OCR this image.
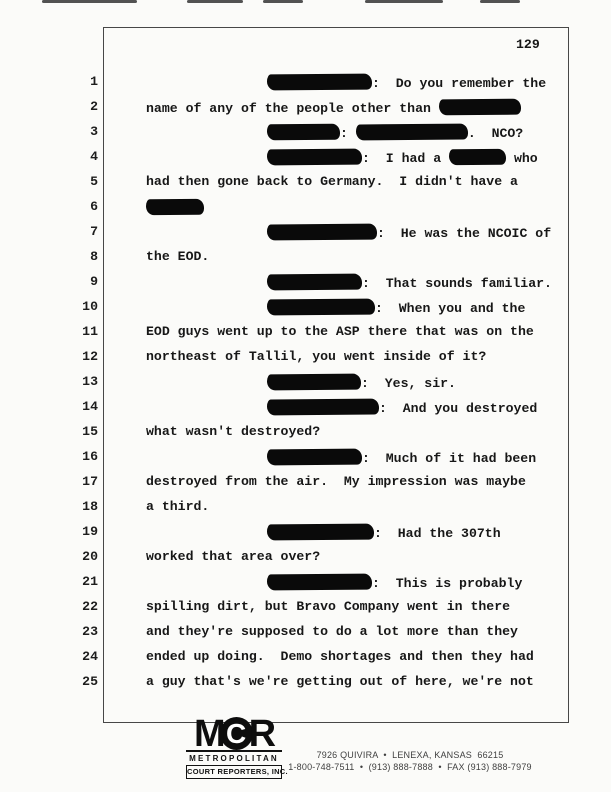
129
1
2
3
4
5
6
7
8
9
10
11
12
13
14
15
16
17
18
19
20
21
22
23
24
25
:  Do you remember the
name of any of the people other than
:	.  NCO?
:  I had a	who
had then gone back to Germany.  I didn't have a
:  He was the NCOIC of
the EOD.
:  That sounds familiar.
:  When you and the
EOD guys went up to the ASP there that was on the
northeast of Tallil, you went inside of it?
:  Yes, sir.
:  And you destroyed
what wasn't destroyed?
:  Much of it had been
destroyed from the air.  My impression was maybe
a third.
:  Had the 307th
worked that area over?
:  This is probably
spilling dirt, but Bravo Company went in there
and they're supposed to do a lot more than they
ended up doing.  Demo shortages and then they had
a guy that's we're getting out of here, we're not
M C R
METROPOLITAN
COURT REPORTERS, INC.
7926 QUIVIRA  •  LENEXA, KANSAS  66215
1-800-748-7511  •  (913) 888-7888  •  FAX (913) 888-7979
